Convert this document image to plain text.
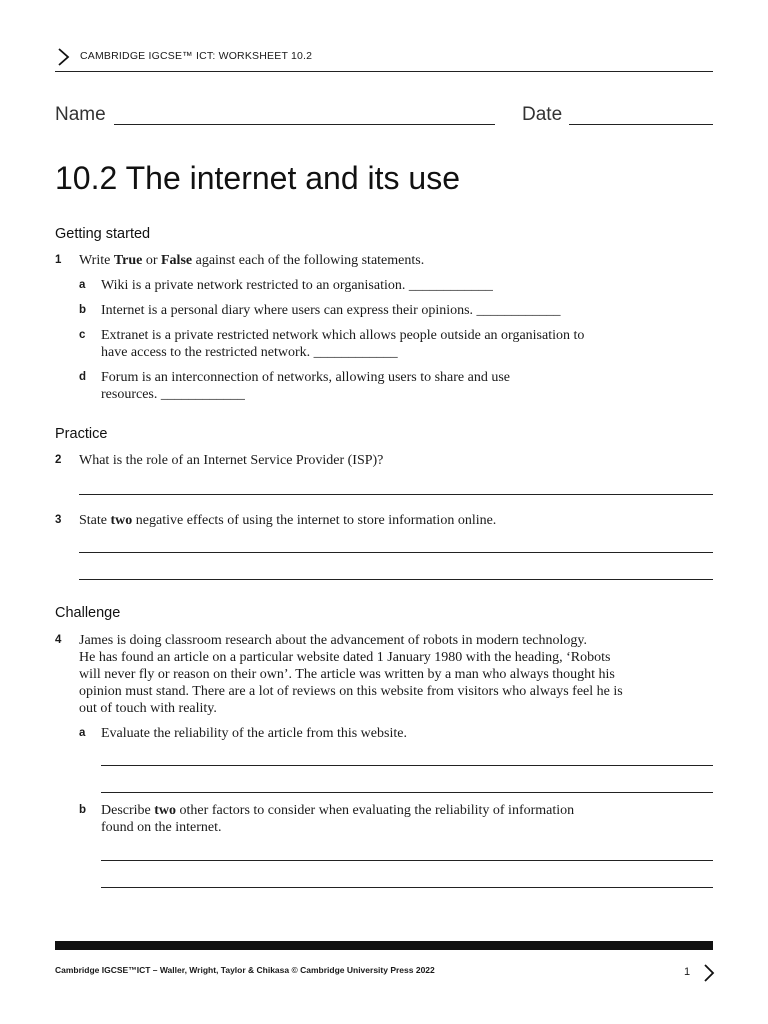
CAMBRIDGE IGCSE™ ICT: WORKSHEET 10.2
Name	Date
10.2 The internet and its use
Getting started
1 Write True or False against each of the following statements.
a Wiki is a private network restricted to an organisation. ____________
b Internet is a personal diary where users can express their opinions. ____________
c Extranet is a private restricted network which allows people outside an organisation to
have access to the restricted network. ____________
d Forum is an interconnection of networks, allowing users to share and use
resources. ____________
Practice
2 What is the role of an Internet Service Provider (ISP)?
3 State two negative effects of using the internet to store information online.
Challenge
4 James is doing classroom research about the advancement of robots in modern technology.
He has found an article on a particular website dated 1 January 1980 with the heading, ‘Robots
will never fly or reason on their own’. The article was written by a man who always thought his
opinion must stand. There are a lot of reviews on this website from visitors who always feel he is
out of touch with reality.
a Evaluate the reliability of the article from this website.
b Describe two other factors to consider when evaluating the reliability of information
found on the internet.
Cambridge IGCSE™ICT – Waller, Wright, Taylor & Chikasa © Cambridge University Press 2022	1
